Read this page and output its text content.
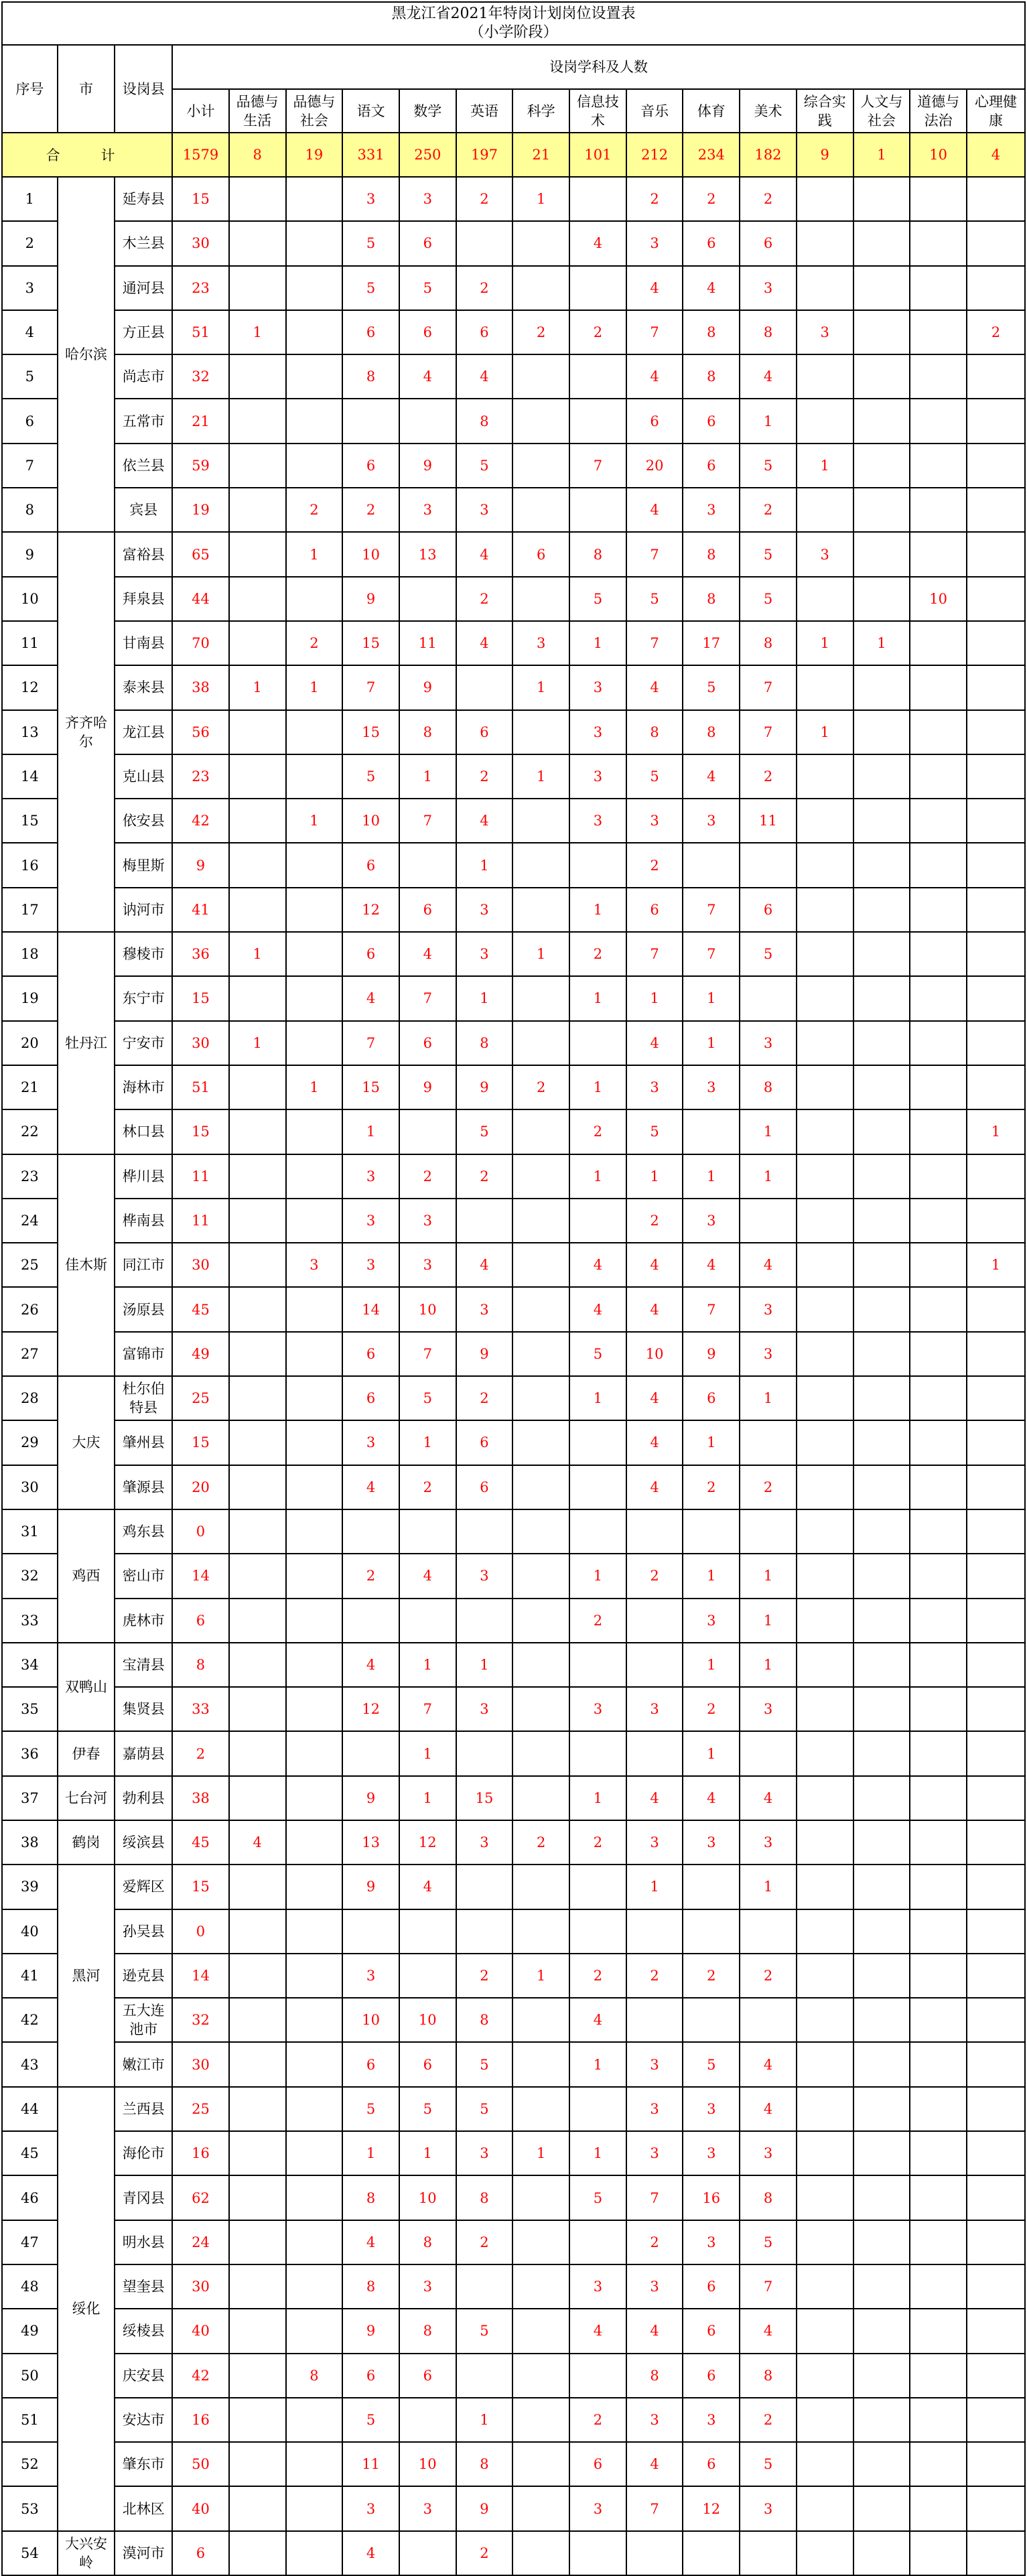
黑龙江省2021年特岗计划岗位设置表
（小学阶段）																	

序号	市	设岗县	设岗学科及人数														
			小计	品德与生活	品德与社会	语文	数学	英语	科学	信息技术	音乐	体育	美术	综合实践	人文与社会	道德与法治	心理健康
合　计			1579	8	19	331	250	197	21	101	212	234	182	9	1	10	4
1	哈尔滨	延寿县	15			3	3	2	1		2	2	2				
2		木兰县	30			5	6			4	3	6	6				
3		通河县	23			5	5	2			4	4	3				
4		方正县	51	1		6	6	6	2	2	7	8	8	3			2
5		尚志市	32			8	4	4			4	8	4				
6		五常市	21					8			6	6	1				
7		依兰县	59			6	9	5		7	20	6	5	1			
8		宾县	19		2	2	3	3			4	3	2				
9	齐齐哈尔	富裕县	65		1	10	13	4	6	8	7	8	5	3			
10		拜泉县	44			9		2		5	5	8	5			10	
11		甘南县	70		2	15	11	4	3	1	7	17	8	1	1		
12		泰来县	38	1	1	7	9		1	3	4	5	7				
13		龙江县	56			15	8	6		3	8	8	7	1			
14		克山县	23			5	1	2	1	3	5	4	2				
15		依安县	42		1	10	7	4		3	3	3	11				
16		梅里斯	9			6		1			2						
17		讷河市	41			12	6	3		1	6	7	6				
18	牡丹江	穆棱市	36	1		6	4	3	1	2	7	7	5				
19		东宁市	15			4	7	1		1	1	1					
20		宁安市	30	1		7	6	8			4	1	3				
21		海林市	51		1	15	9	9	2	1	3	3	8				
22		林口县	15			1		5		2	5		1				1
23	佳木斯	桦川县	11			3	2	2		1	1	1	1				
24		桦南县	11			3	3				2	3					
25		同江市	30		3	3	3	4		4	4	4	4				1
26		汤原县	45			14	10	3		4	4	7	3				
27		富锦市	49			6	7	9		5	10	9	3				
28	大庆	杜尔伯特县	25			6	5	2		1	4	6	1				
29		肇州县	15			3	1	6			4	1					
30		肇源县	20			4	2	6			4	2	2				
31	鸡西	鸡东县	0														
32		密山市	14			2	4	3		1	2	1	1				
33		虎林市	6							2		3	1				
34	双鸭山	宝清县	8			4	1	1				1	1				
35		集贤县	33			12	7	3		3	3	2	3				
36	伊春	嘉荫县	2				1					1					
37	七台河	勃利县	38			9	1	15		1	4	4	4				
38	鹤岗	绥滨县	45	4		13	12	3	2	2	3	3	3				
39	黑河	爱辉区	15			9	4				1		1				
40		孙吴县	0														
41		逊克县	14			3		2	1	2	2	2	2				
42		五大连池市	32			10	10	8		4							
43		嫩江市	30			6	6	5		1	3	5	4				
44	绥化	兰西县	25			5	5	5			3	3	4				
45		海伦市	16			1	1	3	1	1	3	3	3				
46		青冈县	62			8	10	8		5	7	16	8				
47		明水县	24			4	8	2			2	3	5				
48		望奎县	30			8	3			3	3	6	7				
49		绥棱县	40			9	8	5		4	4	6	4				
50		庆安县	42		8	6	6				8	6	8				
51		安达市	16			5		1		2	3	3	2				
52		肇东市	50			11	10	8		6	4	6	5				
53		北林区	40			3	3	9		3	7	12	3				
54	大兴安岭	漠河市	6			4		2									
